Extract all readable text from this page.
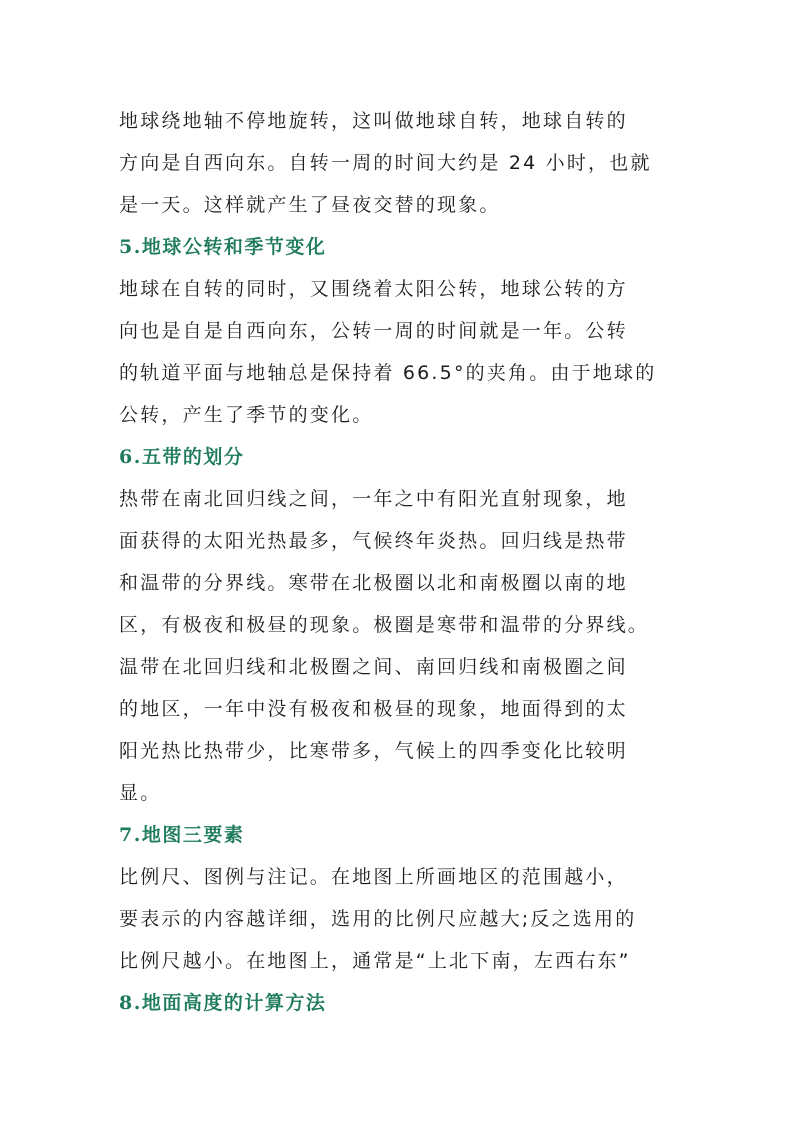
地球绕地轴不停地旋转，这叫做地球自转，地球自转的
方向是自西向东。自转一周的时间大约是 24 小时，也就
是一天。这样就产生了昼夜交替的现象。
5.地球公转和季节变化
地球在自转的同时，又围绕着太阳公转，地球公转的方
向也是自是自西向东，公转一周的时间就是一年。公转
的轨道平面与地轴总是保持着 66.5°的夹角。由于地球的
公转，产生了季节的变化。
6.五带的划分
热带在南北回归线之间，一年之中有阳光直射现象，地
面获得的太阳光热最多，气候终年炎热。回归线是热带
和温带的分界线。寒带在北极圈以北和南极圈以南的地
区，有极夜和极昼的现象。极圈是寒带和温带的分界线。
温带在北回归线和北极圈之间、南回归线和南极圈之间
的地区，一年中没有极夜和极昼的现象，地面得到的太
阳光热比热带少，比寒带多，气候上的四季变化比较明
显。
7.地图三要素
比例尺、图例与注记。在地图上所画地区的范围越小，
要表示的内容越详细，选用的比例尺应越大;反之选用的
比例尺越小。在地图上，通常是“上北下南，左西右东”
8.地面高度的计算方法
